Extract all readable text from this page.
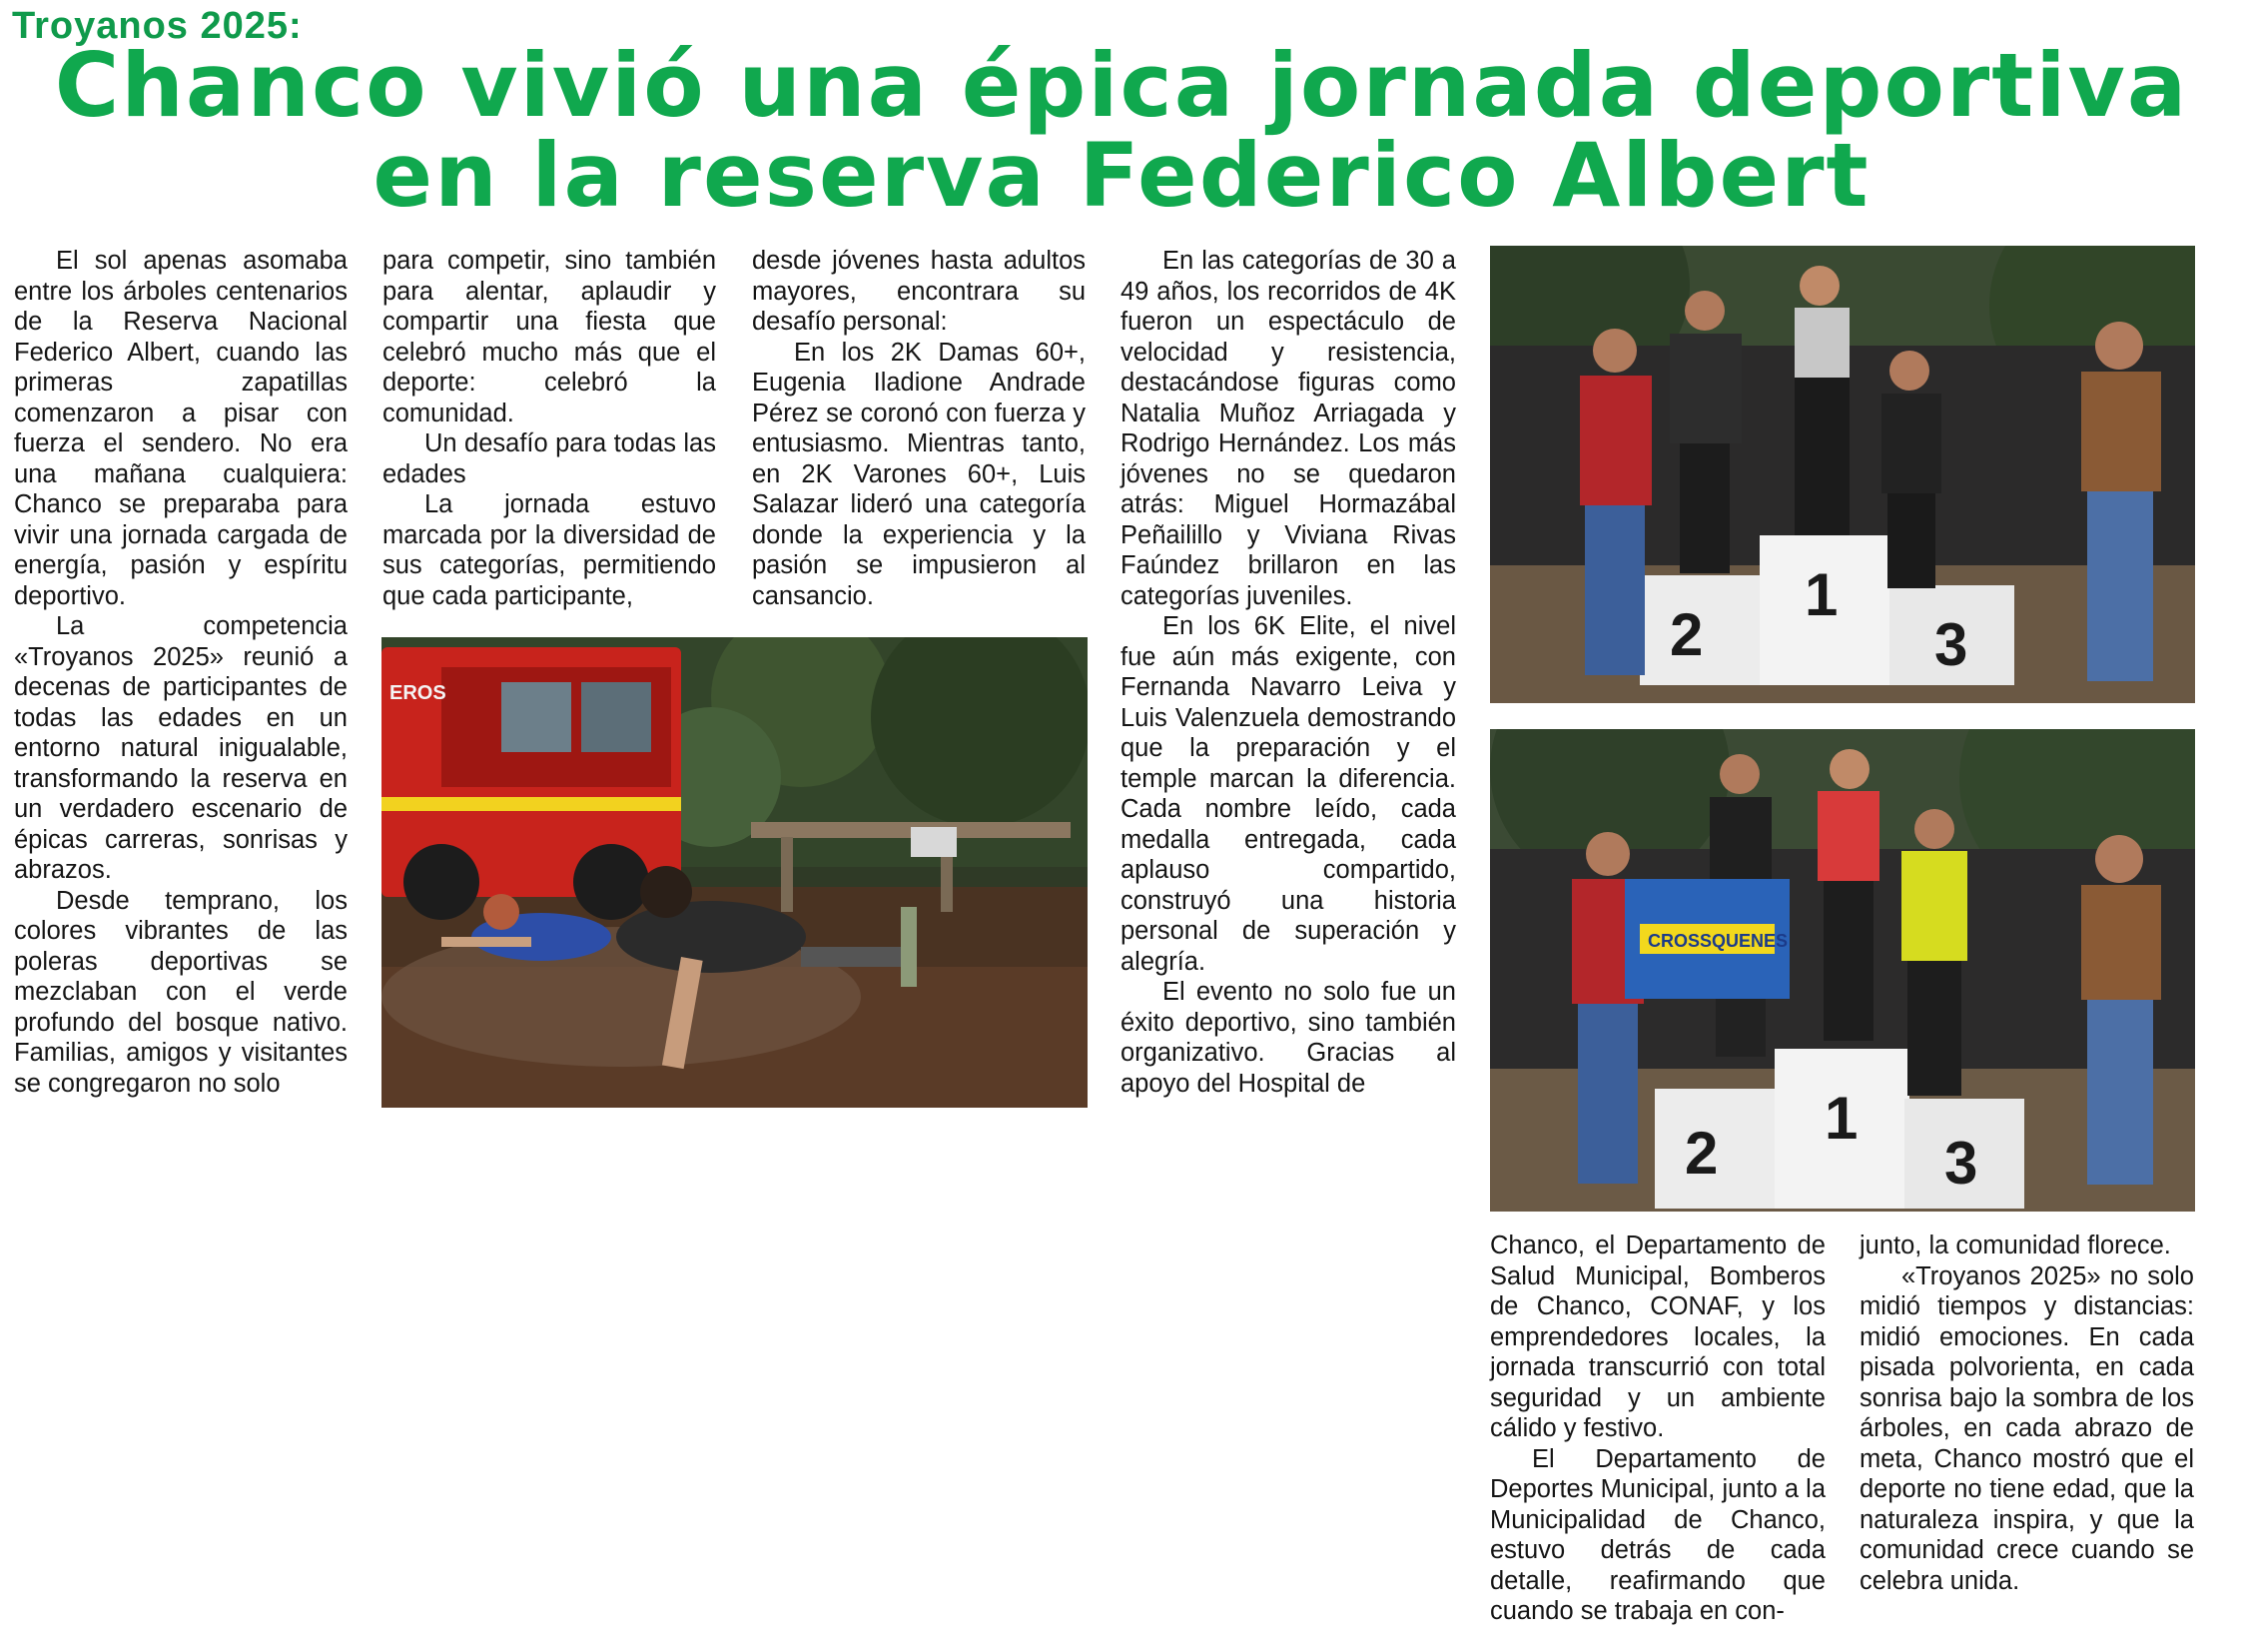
Troyanos 2025:
Chanco vivió una épica jornada deportiva
en la reserva Federico Albert

El sol apenas asomaba entre los árboles centenarios de la Reserva Nacional Federico Albert, cuando las primeras zapatillas comenzaron a pisar con fuerza el sendero. No era una mañana cualquiera: Chanco se preparaba para vivir una jornada cargada de energía, pasión y espíritu deportivo.

La competencia «Troyanos 2025» reunió a decenas de participantes de todas las edades en un entorno natural inigualable, transformando la reserva en un verdadero escenario de épicas carreras, sonrisas y abrazos.

Desde temprano, los colores vibrantes de las poleras deportivas se mezclaban con el verde profundo del bosque nativo. Familias, amigos y visitantes se congregaron no solo

para competir, sino también para alentar, aplaudir y compartir una fiesta que celebró mucho más que el deporte: celebró la comunidad.

Un desafío para todas las edades

La jornada estuvo marcada por la diversidad de sus categorías, permitiendo que cada participante,

desde jóvenes hasta adultos mayores, encontrara su desafío personal:

En los 2K Damas 60+, Eugenia Iladione Andrade Pérez se coronó con fuerza y entusiasmo. Mientras tanto, en 2K Varones 60+, Luis Salazar lideró una categoría donde la experiencia y la pasión se impusieron al cansancio.

En las categorías de 30 a 49 años, los recorridos de 4K fueron un espectáculo de velocidad y resistencia, destacándose figuras como Natalia Muñoz Arriagada y Rodrigo Hernández. Los más jóvenes no se quedaron atrás: Miguel Hormazábal Peñailillo y Viviana Rivas Faúndez brillaron en las categorías juveniles.

En los 6K Elite, el nivel fue aún más exigente, con Fernanda Navarro Leiva y Luis Valenzuela demostrando que la preparación y el temple marcan la diferencia. Cada nombre leído, cada medalla entregada, cada aplauso compartido, construyó una historia personal de superación y alegría.

El evento no solo fue un éxito deportivo, sino también organizativo. Gracias al apoyo del Hospital de

Chanco, el Departamento de Salud Municipal, Bomberos de Chanco, CONAF, y los emprendedores locales, la jornada transcurrió con total seguridad y un ambiente cálido y festivo.

El Departamento de Deportes Municipal, junto a la Municipalidad de Chanco, estuvo detrás de cada detalle, reafirmando que cuando se trabaja en con-

junto, la comunidad florece.

«Troyanos 2025» no solo midió tiempos y distancias: midió emociones. En cada pisada polvorienta, en cada sonrisa bajo la sombra de los árboles, en cada abrazo de meta, Chanco mostró que el deporte no tiene edad, que la naturaleza inspira, y que la comunidad crece cuando se celebra unida.

EROS
2
1
3
2
1
3
CROSSQUENES
